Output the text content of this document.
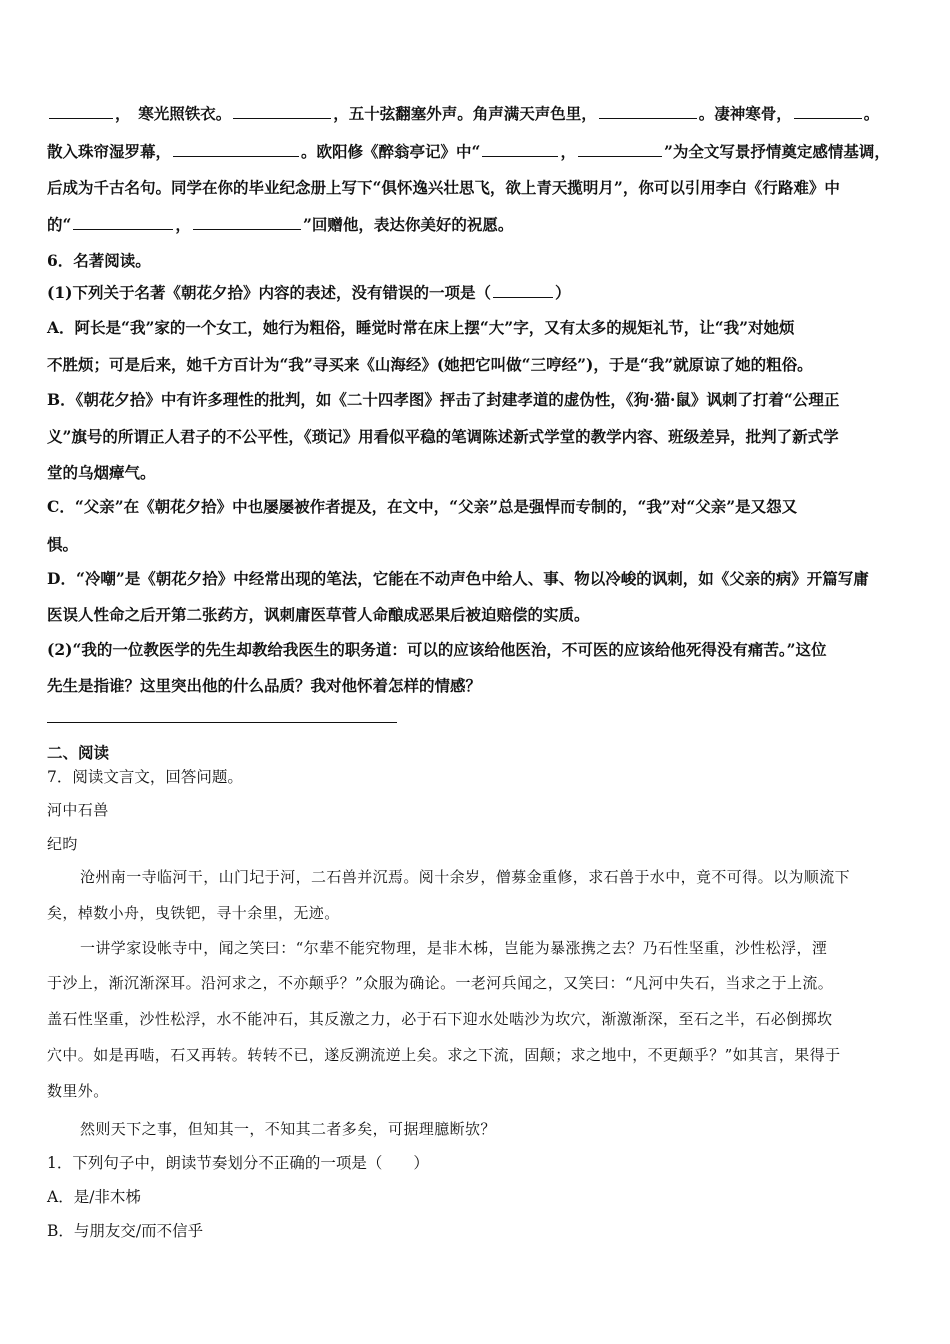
，　寒光照铁衣。	，五十弦翻塞外声。角声满天声色里，	。凄神寒骨，	。
散入珠帘湿罗幕，	。欧阳修《醉翁亭记》中“	，	”为全文写景抒情奠定感情基调，
后成为千古名句。同学在你的毕业纪念册上写下“俱怀逸兴壮思飞，欲上青天揽明月”，你可以引用李白《行路难》中
的“	，	”回赠他，表达你美好的祝愿。
6．名著阅读。
(1)下列关于名著《朝花夕拾》内容的表述，没有错误的一项是（	）
A．阿长是“我”家的一个女工，她行为粗俗，睡觉时常在床上摆“大”字，又有太多的规矩礼节，让“我”对她烦
不胜烦；可是后来，她千方百计为“我”寻买来《山海经》(她把它叫做“三哼经”)，于是“我”就原谅了她的粗俗。
B．《朝花夕拾》中有许多理性的批判，如《二十四孝图》抨击了封建孝道的虚伪性，《狗·猫·鼠》讽刺了打着“公理正
义”旗号的所谓正人君子的不公平性，《琐记》用看似平稳的笔调陈述新式学堂的教学内容、班级差异，批判了新式学
堂的乌烟瘴气。
C．“父亲”在《朝花夕拾》中也屡屡被作者提及，在文中，“父亲”总是强悍而专制的，“我”对“父亲”是又怨又
惧。
D．“冷嘲”是《朝花夕拾》中经常出现的笔法，它能在不动声色中给人、事、物以冷峻的讽刺，如《父亲的病》开篇写庸
医误人性命之后开第二张药方，讽刺庸医草菅人命酿成恶果后被迫赔偿的实质。
(2)“我的一位教医学的先生却教给我医生的职务道：可以的应该给他医治，不可医的应该给他死得没有痛苦。”这位
先生是指谁？这里突出他的什么品质？我对他怀着怎样的情感？
二、阅读
7．阅读文言文，回答问题。
河中石兽
纪昀
沧州南一寺临河干，山门圮于河，二石兽并沉焉。阅十余岁，僧募金重修，求石兽于水中，竟不可得。以为顺流下
矣，棹数小舟，曳铁钯，寻十余里，无迹。
一讲学家设帐寺中，闻之笑曰：“尔辈不能究物理，是非木柹，岂能为暴涨携之去？乃石性坚重，沙性松浮，湮
于沙上，渐沉渐深耳。沿河求之，不亦颠乎？”众服为确论。一老河兵闻之，又笑曰：“凡河中失石，当求之于上流。
盖石性坚重，沙性松浮，水不能冲石，其反激之力，必于石下迎水处啮沙为坎穴，渐激渐深，至石之半，石必倒掷坎
穴中。如是再啮，石又再转。转转不已，遂反溯流逆上矣。求之下流，固颠；求之地中，不更颠乎？”如其言，果得于
数里外。
然则天下之事，但知其一，不知其二者多矣，可据理臆断欤？
1．下列句子中，朗读节奏划分不正确的一项是（　　）
A．是/非木柹
B．与朋友交/而不信乎
